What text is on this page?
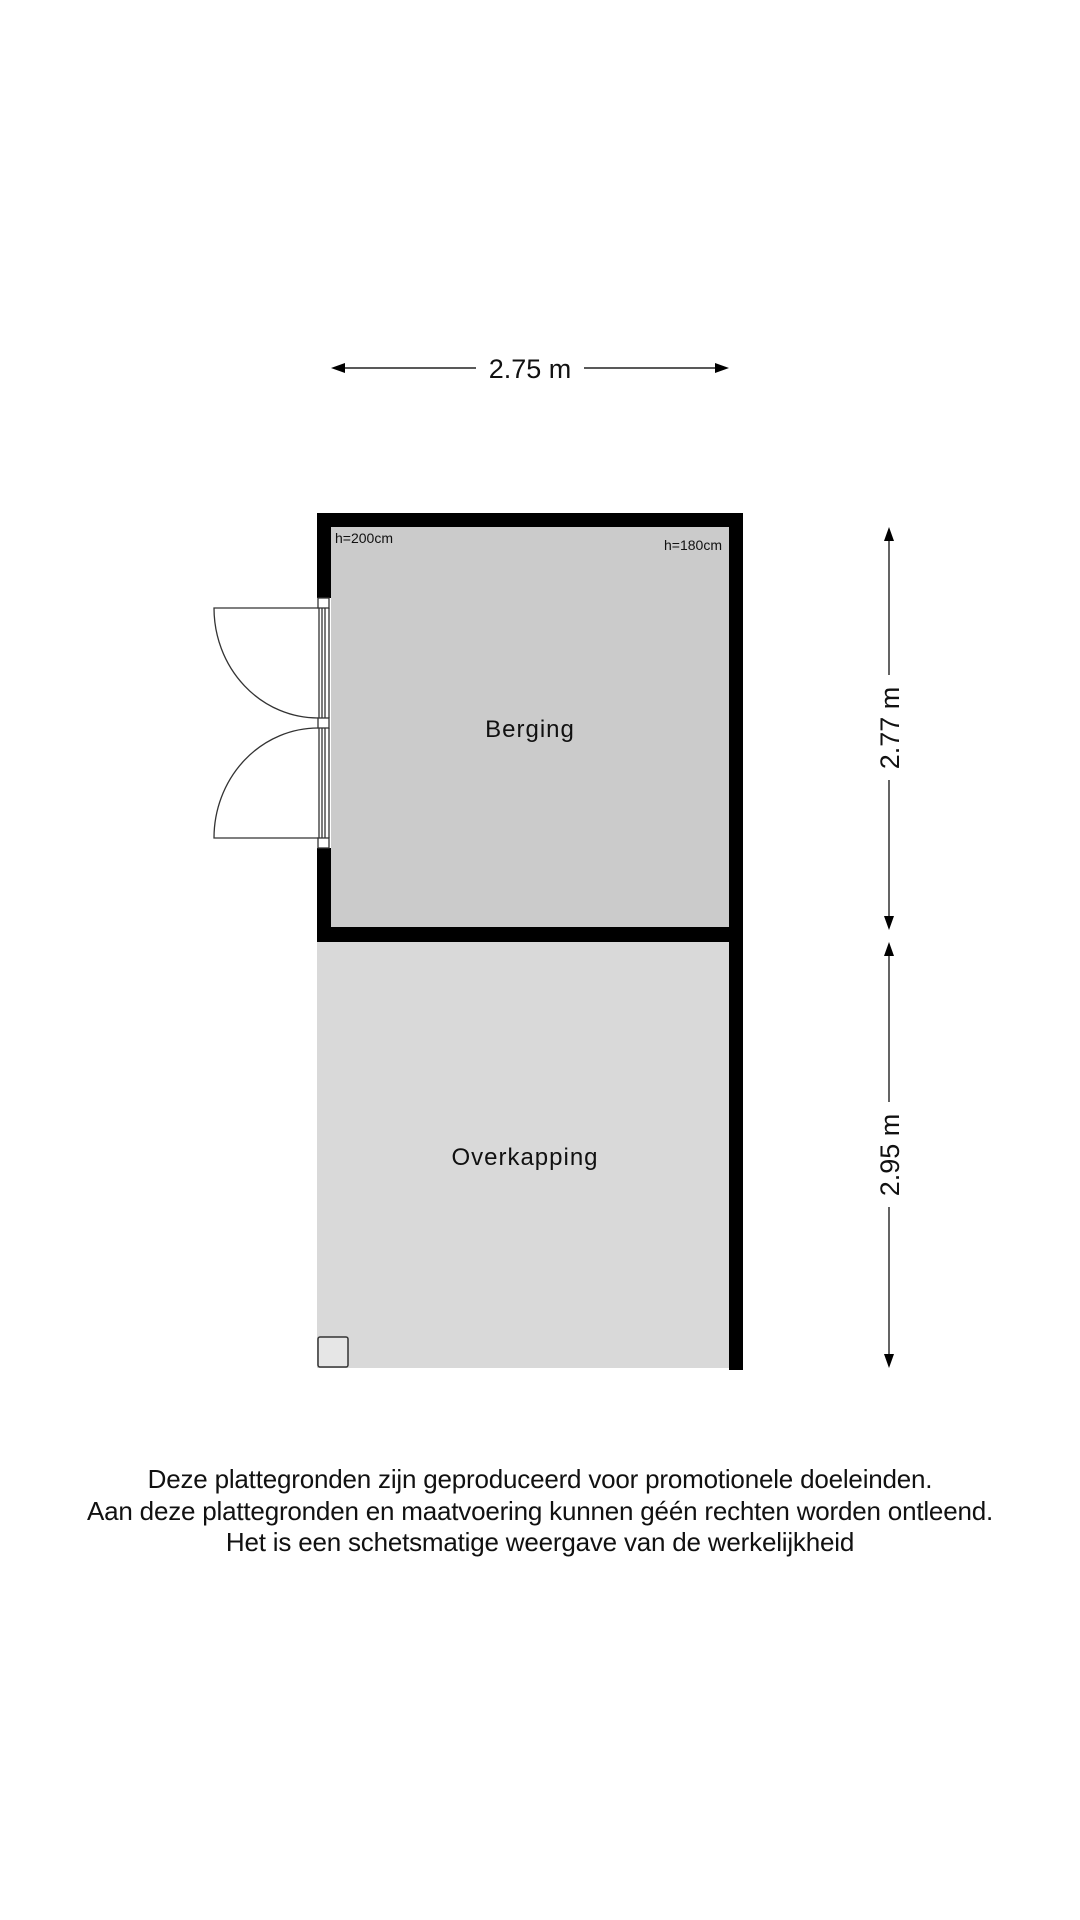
Berging
Overkapping
h=200cm	h=180cm
2.75 m
2.77 m
2.95 m
Deze plattegronden zijn geproduceerd voor promotionele doeleinden.
Aan deze plattegronden en maatvoering kunnen géén rechten worden ontleend.
Het is een schetsmatige weergave van de werkelijkheid
